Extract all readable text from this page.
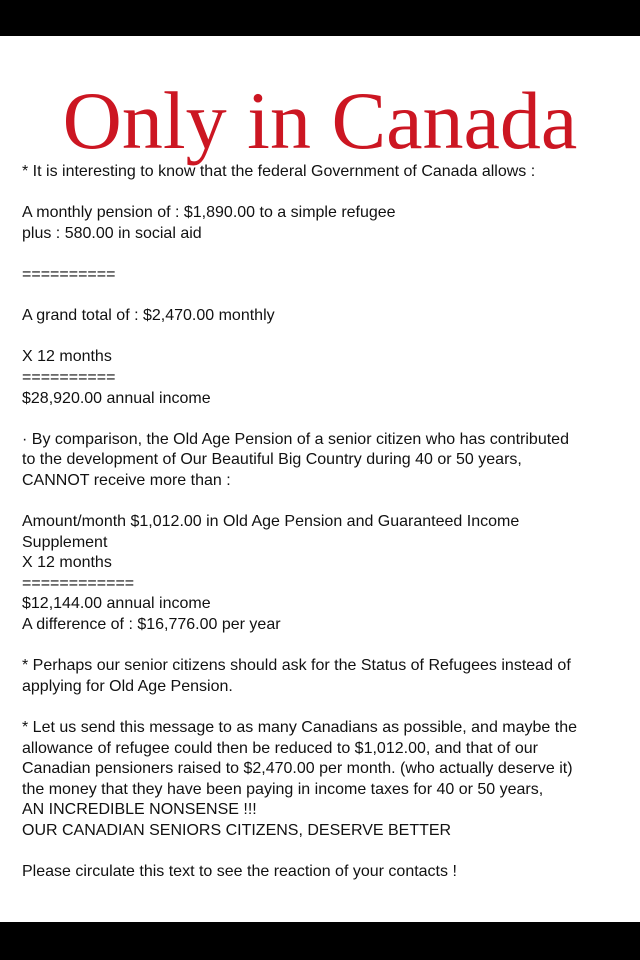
Only in Canada
* It is interesting to know that the federal Government of Canada allows :
A monthly pension of : $1,890.00 to a simple refugee
plus : 580.00 in social aid
==========
A grand total of : $2,470.00 monthly
X 12 months
==========
$28,920.00 annual income
· By comparison, the Old Age Pension of a senior citizen who has contributed
to the development of Our Beautiful Big Country during 40 or 50 years,
CANNOT receive more than :
Amount/month $1,012.00 in Old Age Pension and Guaranteed Income
Supplement
X 12 months
============
$12,144.00 annual income
A difference of : $16,776.00 per year
* Perhaps our senior citizens should ask for the Status of Refugees instead of
applying for Old Age Pension.
* Let us send this message to as many Canadians as possible, and maybe the
allowance of refugee could then be reduced to $1,012.00, and that of our
Canadian pensioners raised to $2,470.00 per month. (who actually deserve it)
the money that they have been paying in income taxes for 40 or 50 years,
AN INCREDIBLE NONSENSE !!!
OUR CANADIAN SENIORS CITIZENS, DESERVE BETTER
Please circulate this text to see the reaction of your contacts !
